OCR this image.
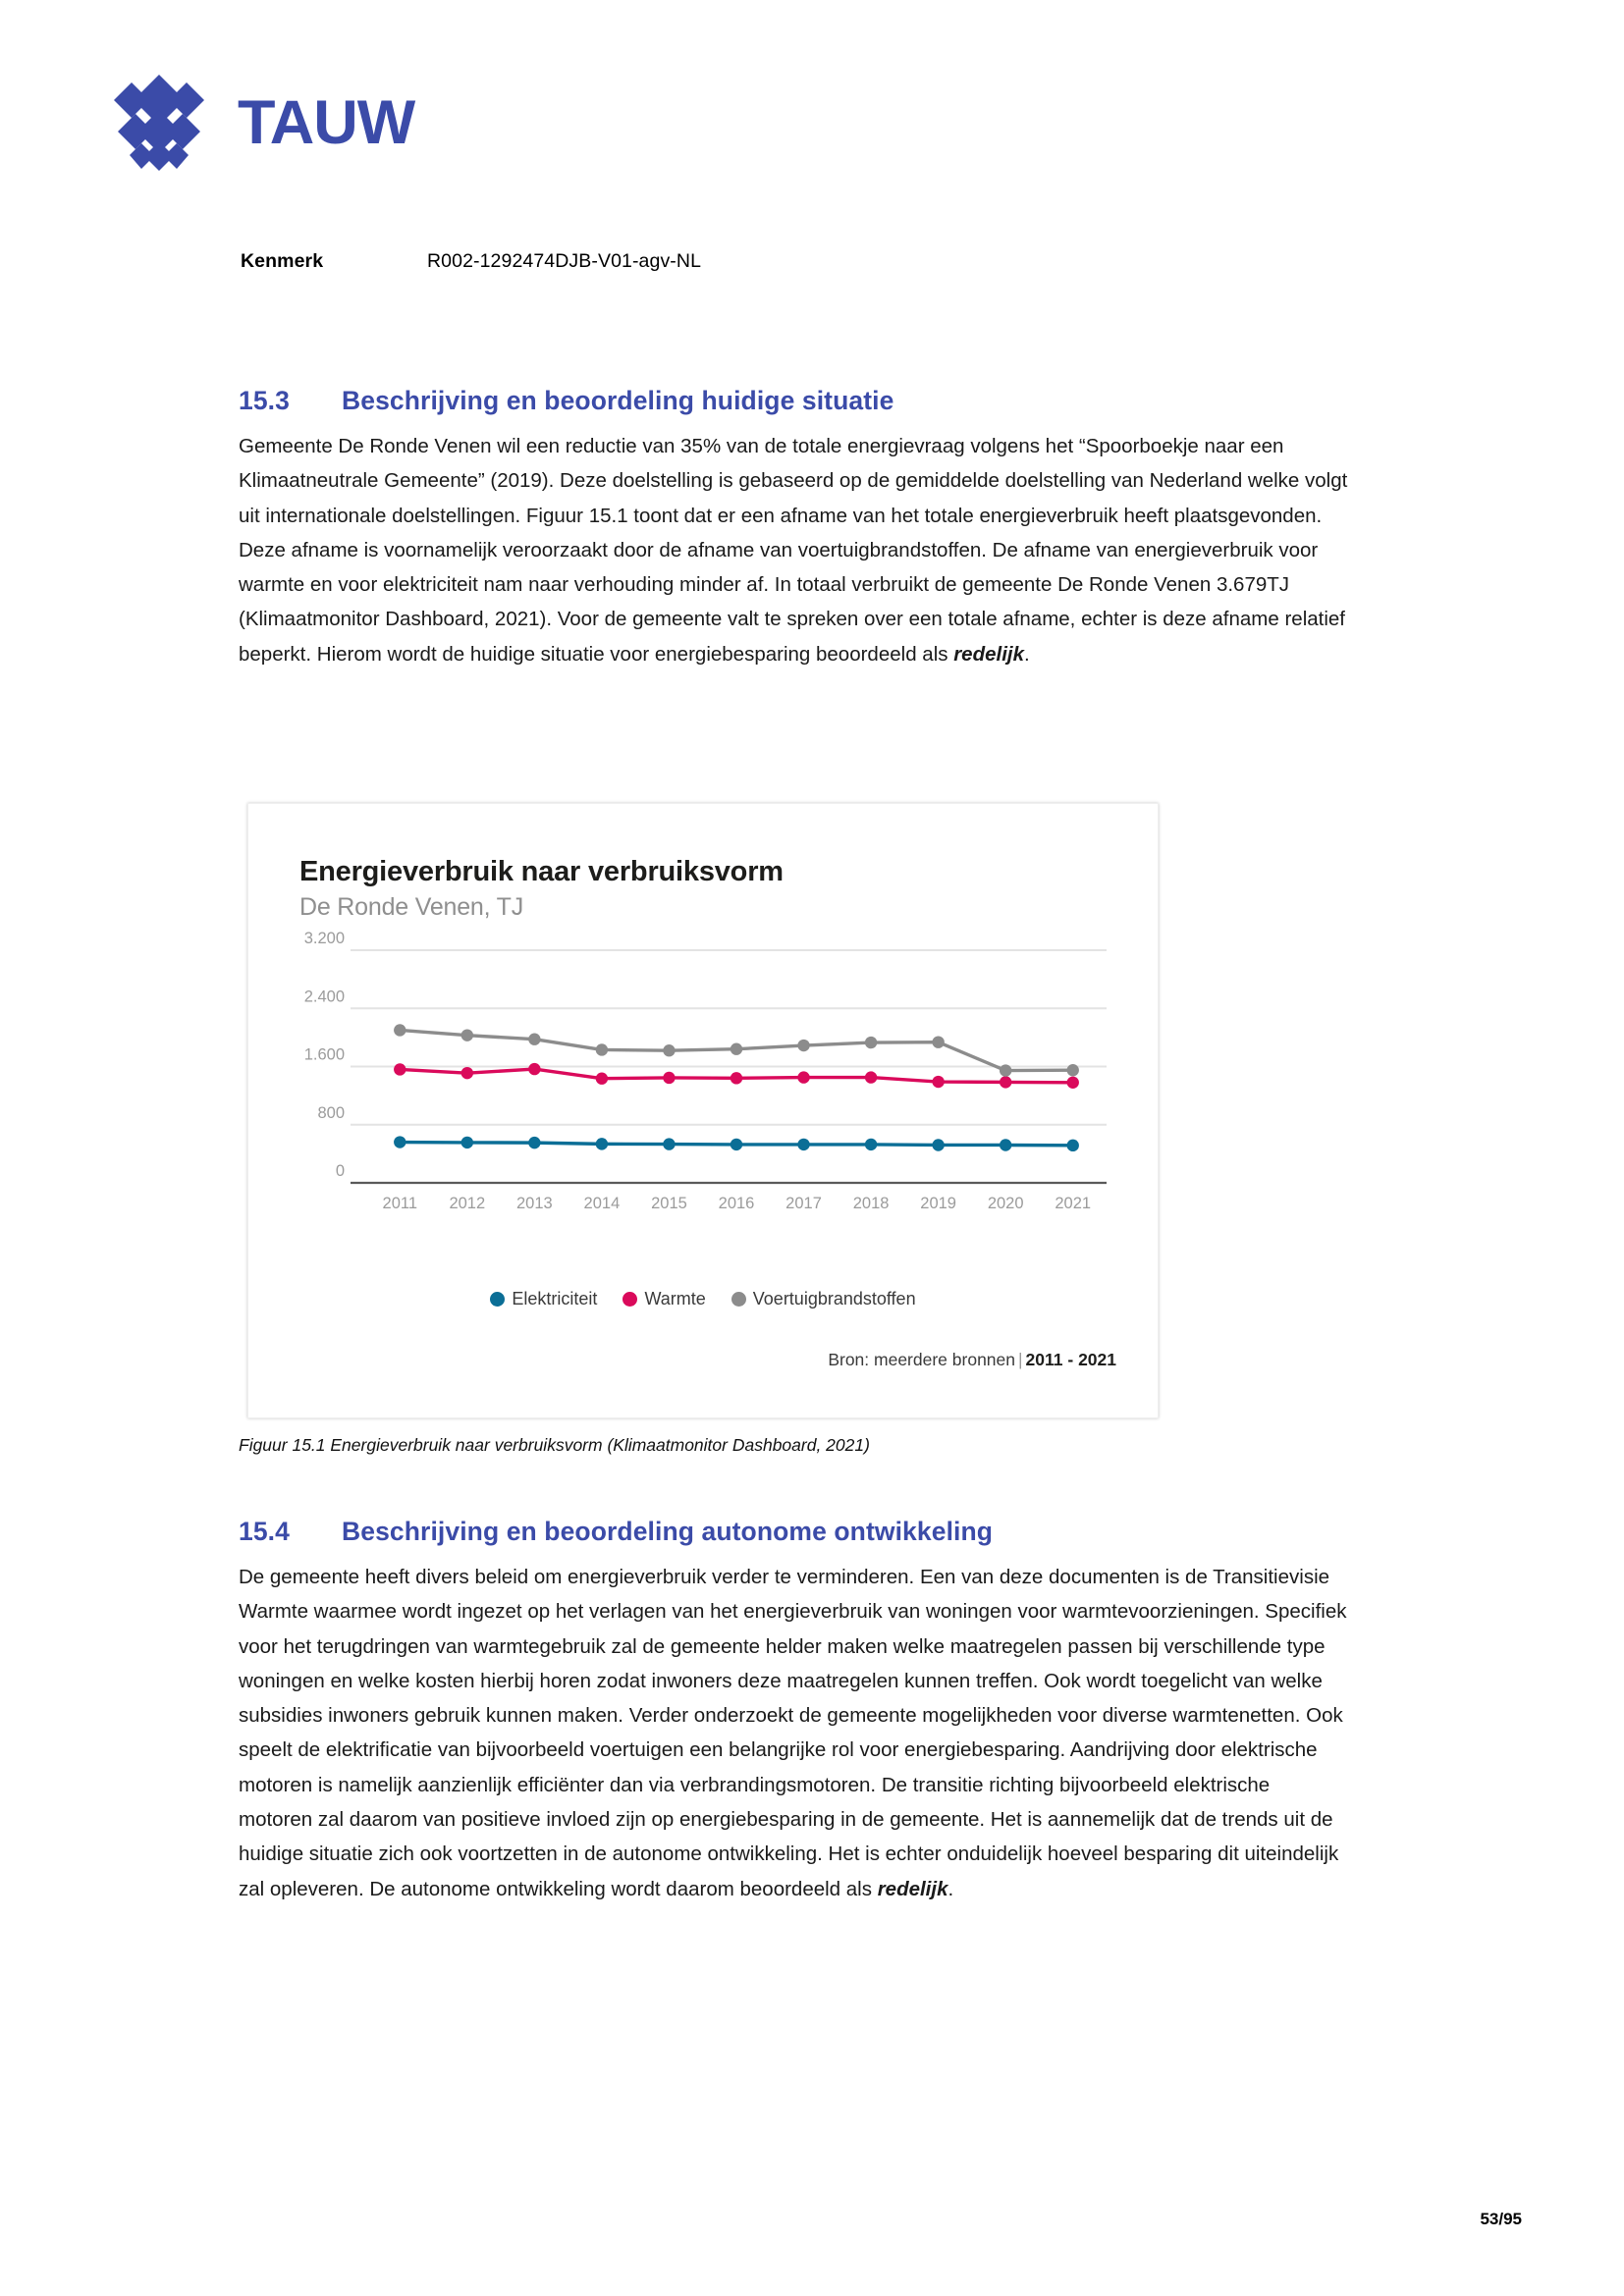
TAUW
Kenmerk	R002-1292474DJB-V01-agv-NL
15.3 Beschrijving en beoordeling huidige situatie
Gemeente De Ronde Venen wil een reductie van 35% van de totale energievraag volgens het “Spoorboekje naar een Klimaatneutrale Gemeente” (2019). Deze doelstelling is gebaseerd op de gemiddelde doelstelling van Nederland welke volgt uit internationale doelstellingen. Figuur 15.1 toont dat er een afname van het totale energieverbruik heeft plaatsgevonden. Deze afname is voornamelijk veroorzaakt door de afname van voertuigbrandstoffen. De afname van energieverbruik voor warmte en voor elektriciteit nam naar verhouding minder af. In totaal verbruikt de gemeente De Ronde Venen 3.679TJ (Klimaatmonitor Dashboard, 2021). Voor de gemeente valt te spreken over een totale afname, echter is deze afname relatief beperkt. Hierom wordt de huidige situatie voor energiebesparing beoordeeld als redelijk.
Energieverbruik naar verbruiksvorm
De Ronde Venen, TJ
0
800
1.600
2.400
3.200
2011 2012 2013 2014 2015 2016 2017 2018 2019 2020 2021
Elektriciteit	Warmte	Voertuigbrandstoffen
Bron: meerdere bronnen | 2011 - 2021
Figuur 15.1 Energieverbruik naar verbruiksvorm (Klimaatmonitor Dashboard, 2021)
15.4 Beschrijving en beoordeling autonome ontwikkeling
De gemeente heeft divers beleid om energieverbruik verder te verminderen. Een van deze documenten is de Transitievisie Warmte waarmee wordt ingezet op het verlagen van het energieverbruik van woningen voor warmtevoorzieningen. Specifiek voor het terugdringen van warmtegebruik zal de gemeente helder maken welke maatregelen passen bij verschillende type woningen en welke kosten hierbij horen zodat inwoners deze maatregelen kunnen treffen. Ook wordt toegelicht van welke subsidies inwoners gebruik kunnen maken. Verder onderzoekt de gemeente mogelijkheden voor diverse warmtenetten. Ook speelt de elektrificatie van bijvoorbeeld voertuigen een belangrijke rol voor energiebesparing. Aandrijving door elektrische motoren is namelijk aanzienlijk efficiënter dan via verbrandingsmotoren. De transitie richting bijvoorbeeld elektrische motoren zal daarom van positieve invloed zijn op energiebesparing in de gemeente. Het is aannemelijk dat de trends uit de huidige situatie zich ook voortzetten in de autonome ontwikkeling. Het is echter onduidelijk hoeveel besparing dit uiteindelijk zal opleveren. De autonome ontwikkeling wordt daarom beoordeeld als redelijk.
53/95
